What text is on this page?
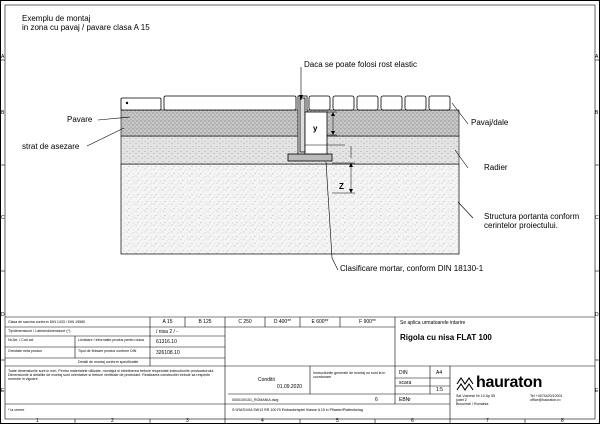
Exemplu de montaj
in zona cu pavaj / pavare clasa A 15
Daca se poate folosi rost elastic
Pavare
strat de asezare
Pavaj/dale
Radier
Structura portanta conform
cerintelor proiectului.
Clasificare mortar, conform DIN 18130-1
y
Z
A
B
C
D
E
A
B
C
D
E
1	2	3	4	5	6	7	8
Clasa de sarcina conform DIN 1433 / DIN 19580	A 15	B 125	C 250	D 400**	E 600**	F 900**
Tip/dimensiune / Latime/dimensiune (^)	/ nisa 2 / -
Nr.Art. / Cod art.	Lichidare / informatie produs pentru clasa 61316.10
Greutate neta produs	Tipul de finisare produs conform DIN	326108.10
Detalii de montaj conform specificatiei
Toate dimensiunile sunt in mm. Pentru materialele utilizate, montajul si intretinerea trebuie respectate instructiunile producatorului. Dimensiunile si detaliile de montaj sunt orientative si trebuie verificate de proiectant. Realizarea constructiei trebuie sa respecte normele in vigoare.
* la cerere
Se aplica urmatoarele intarire
Rigola cu nisa FLAT 100
Conditii
01.09.2020
Instructiunile generale de montaj nu sunt la in coordonare
DIN	A4
scara
1:5
6	EBNr
0000100151_ROMANIA.dwg
S:\\RAS\\VIA SW13 RR 100 Ri Einbaubeispiel Klasse A 15 in Pflaster/Plattenbelag
hauraton
Sat Voinesti Nr 10 Ap 55
judet 2
Bucuresti / Romania
Tel +4074420/10001
office@hauraton.ro
